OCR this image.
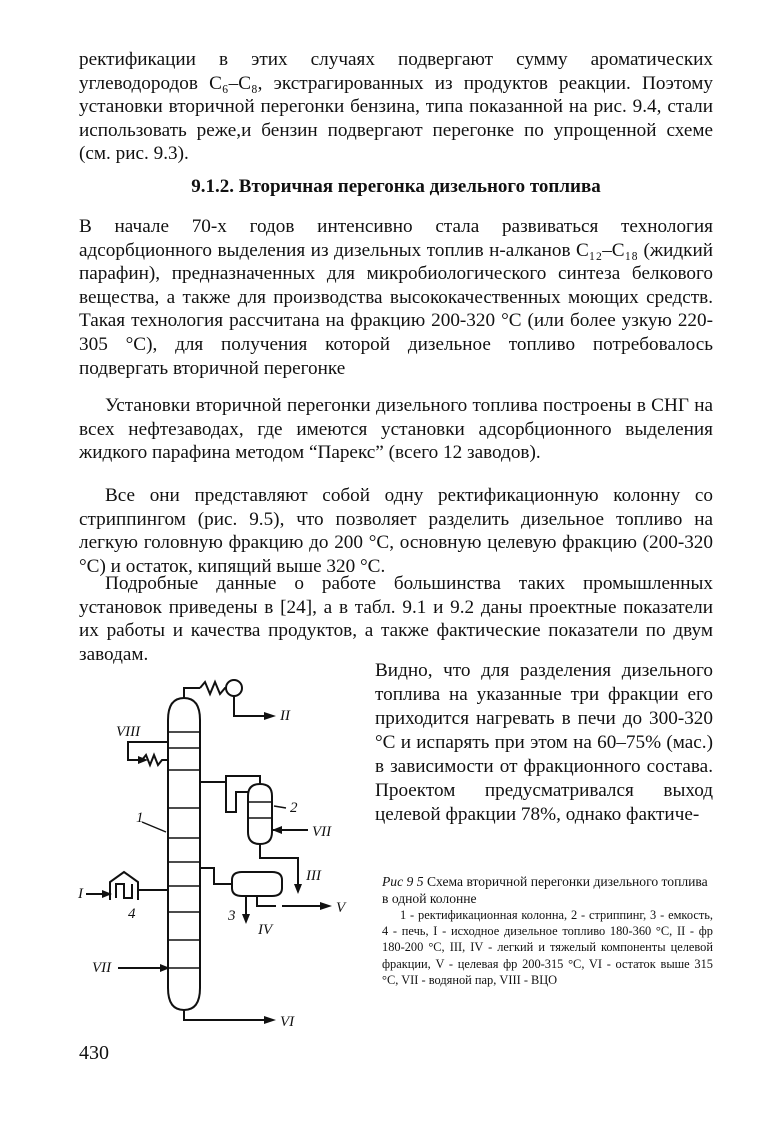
ректификации в этих случаях подвергают сумму ароматических углеводородов C₆–C₈, экстрагированных из продуктов реакции. Поэтому установки вторичной перегонки бензина, типа показанной на рис. 9.4, стали использовать реже,и бензин подвергают перегонке по упрощенной схеме (см. рис. 9.3).

9.1.2. Вторичная перегонка дизельного топлива

В начале 70-х годов интенсивно стала развиваться технология адсорбционного выделения из дизельных топлив н-алканов C₁₂–C₁₈ (жидкий парафин), предназначенных для микробиологического синтеза белкового вещества, а также для производства высококачественных моющих средств. Такая технология рассчитана на фракцию 200-320 °C (или более узкую 220-305 °C), для получения которой дизельное топливо потребовалось подвергать вторичной перегонке

Установки вторичной перегонки дизельного топлива построены в СНГ на всех нефтезаводах, где имеются установки адсорбционного выделения жидкого парафина методом “Парекс” (всего 12 заводов).

Все они представляют собой одну ректификационную колонну со стриппингом (рис. 9.5), что позволяет разделить дизельное топливо на легкую головную фракцию до 200 °C, основную целевую фракцию (200-320 °C) и остаток, кипящий выше 320 °C.

Подробные данные о работе большинства таких промышленных установок приведены в [24], а в табл. 9.1 и 9.2 даны проектные показатели их работы и качества продуктов, а также фактические показатели по двум заводам.

Видно, что для разделения дизельного топлива на указанные три фракции его приходится нагревать в печи до 300-320 °C и испарять при этом на 60–75% (мас.) в зависимости от фракционного состава. Проектом предусматривался выход целевой фракции 78%, однако фактиче-

1
2
3
4
I
II
III
IV
V
VI
VII
VII
VIII
Рис 9 5 Схема вторичной перегонки дизельного топлива в одной колонне
1 - ректификационная колонна, 2 - стриппинг, 3 - емкость, 4 - печь, I - исходное дизельное топливо 180-360 °C, II - фр 180-200 °C, III, IV - легкий и тяжелый компоненты целевой фракции, V - целевая фр 200-315 °C, VI - остаток выше 315 °C, VII - водяной пар, VIII - ВЦО
430
